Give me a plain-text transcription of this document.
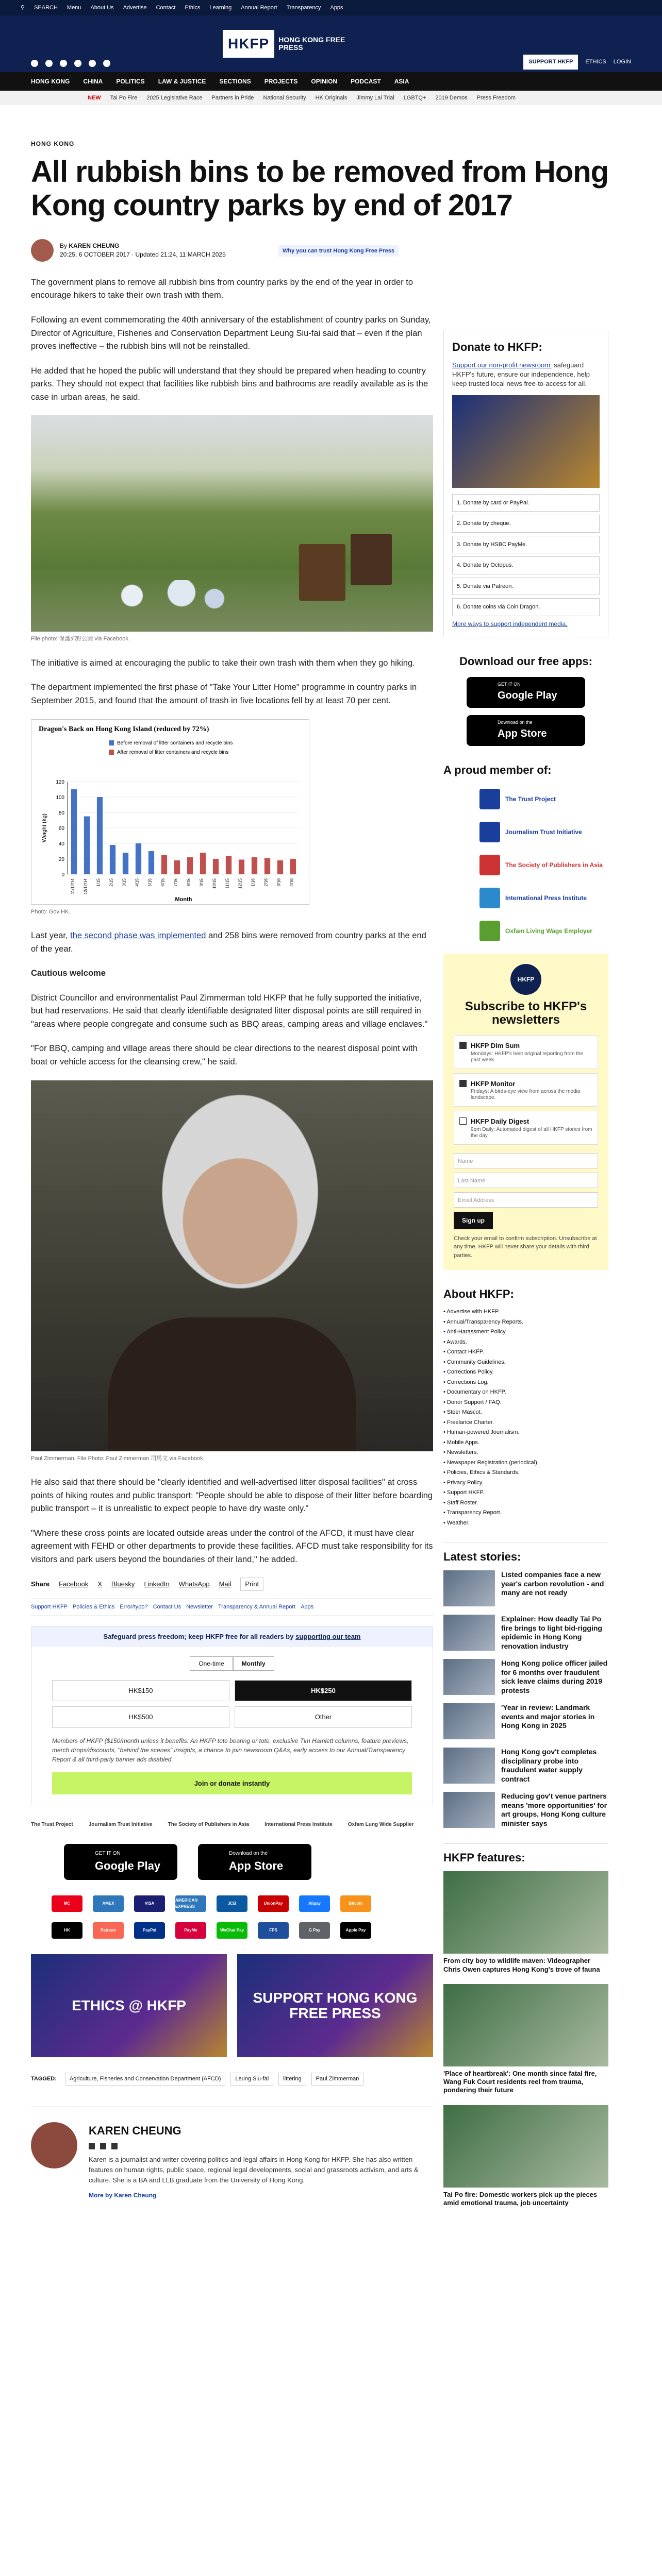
⚲ SEARCH Menu About Us Advertise Contact Ethics Learning Annual Report Transparency Apps
HKFP	HONG KONG FREE PRESS
SUPPORT HKFP	ETHICS LOGIN
HONG KONG CHINA POLITICS LAW & JUSTICE SECTIONS PROJECTS OPINION PODCAST ASIA
NEW Tai Po Fire 2025 Legislative Race Partners in Pride National Security HK Originals Jimmy Lai Trial LGBTQ+ 2019 Demos Press Freedom
HONG KONG
All rubbish bins to be removed from Hong Kong country parks by end of 2017
By KAREN CHEUNG
20:25, 6 OCTOBER 2017 · Updated 21:24, 11 MARCH 2025	Why you can trust Hong Kong Free Press

The government plans to remove all rubbish bins from country parks by the end of the year in order to encourage hikers to take their own trash with them.

Following an event commemorating the 40th anniversary of the establishment of country parks on Sunday, Director of Agriculture, Fisheries and Conservation Department Leung Siu-fai said that – even if the plan proves ineffective – the rubbish bins will not be reinstalled.

He added that he hoped the public will understand that they should be prepared when heading to country parks. They should not expect that facilities like rubbish bins and bathrooms are readily available as is the case in urban areas, he said.

File photo: 保護郊野公園 via Facebook.

The initiative is aimed at encouraging the public to take their own trash with them when they go hiking.

The department implemented the first phase of "Take Your Litter Home" programme in country parks in September 2015, and found that the amount of trash in five locations fell by at least 70 per cent.

Dragon's Back on Hong Kong Island (reduced by 72%)
0
20
40
60
80
100
120
Weight (kg)
Month
11/12/14 12/12/14 1/15 2/15 3/15 4/15 5/15 6/15 7/15 8/15 9/15 10/15 11/15 12/15 1/16 2/16 3/16 4/16
Before removal of litter containers and recycle bins
After removal of litter containers and recycle bins
Photo: Gov HK.

Last year, the second phase was implemented and 258 bins were removed from country parks at the end of the year.

Cautious welcome

District Councillor and environmentalist Paul Zimmerman told HKFP that he fully supported the initiative, but had reservations. He said that clearly identifiable designated litter disposal points are still required in "areas where people congregate and consume such as BBQ areas, camping areas and village enclaves."

"For BBQ, camping and village areas there should be clear directions to the nearest disposal point with boat or vehicle access for the cleansing crew," he said.

Paul Zimmerman. File Photo: Paul Zimmerman 司馬文 via Facebook.

He also said that there should be "clearly identified and well-advertised litter disposal facilities" at cross points of hiking routes and public transport: "People should be able to dispose of their litter before boarding public transport – it is unrealistic to expect people to have dry waste only."

"Where these cross points are located outside areas under the control of the AFCD, it must have clear agreement with FEHD or other departments to provide these facilities. AFCD must take responsibility for its visitors and park users beyond the boundaries of their land," he added.

Share Facebook X Bluesky LinkedIn WhatsApp Mail	Print
Support HKFP Policies & Ethics Error/typo? Contact Us Newsletter Transparency & Annual Report Apps
Safeguard press freedom; keep HKFP free for all readers by supporting our team
One-time	Monthly
HK$150	HK$250
HK$500	Other
Members of HKFP ($150/month unless it benefits: An HKFP tote bearing or tote, exclusive Tim Hamlett columns, feature previews, merch drops/discounts, "behind the scenes" insights, a chance to join newsroom Q&As, early access to our Annual/Transparency Report & all third-party banner ads disabled.
Join or donate instantly
The Trust Project	Journalism Trust Initiative	The Society of Publishers in Asia	International Press Institute	Oxfam Lung Wide Supplier
GET IT ON
Google Play
Download on the
App Store
MC	AMEX	VISA
AMERICAN EXPRESS
JCB	UnionPay	Alipay	Bitcoin
HK	Patreon	PayPal	PayMe	WeChat Pay	FPS	G Pay	Apple Pay
ETHICS @ HKFP	SUPPORT HONG KONG FREE PRESS
TAGGED:	Agriculture, Fisheries and Conservation Department (AFCD)	Leung Siu-fai	littering	Paul Zimmerman
KAREN CHEUNG

Karen is a journalist and writer covering politics and legal affairs in Hong Kong for HKFP. She has also written features on human rights, public space, regional legal developments, social and grassroots activism, and arts & culture. She is a BA and LLB graduate from the University of Hong Kong.

More by Karen Cheung
Donate to HKFP:
Support our non-profit newsroom: safeguard HKFP's future, ensure our independence, help keep trusted local news free-to-access for all.
1. Donate by card or PayPal.
2. Donate by cheque.
3. Donate by HSBC PayMe.
4. Donate by Octopus.
5. Donate via Patreon.
6. Donate coins via Coin Dragon.
More ways to support independent media.
Download our free apps:
GET IT ON
Google Play
Download on the
App Store
A proud member of:
The Trust Project
Journalism Trust Initiative
The Society of Publishers in Asia
International Press Institute
Oxfam Living Wage Employer
HKFP
Subscribe to HKFP's newsletters
HKFP Dim Sum
Mondays: HKFP's best original reporting from the past week.
HKFP Monitor
Fridays: A birds-eye view from across the media landscape.
HKFP Daily Digest
9pm Daily: Automated digest of all HKFP stories from the day.
Name
Last Name
Email Address
Sign up
Check your email to confirm subscription. Unsubscribe at any time. HKFP will never share your details with third parties.
About HKFP:
• Advertise with HKFP.
• Annual/Transparency Reports.
• Anti-Harassment Policy.
• Awards.
• Contact HKFP.
• Community Guidelines.
• Corrections Policy.
• Corrections Log.
• Documentary on HKFP.
• Donor Support / FAQ.
• Steer Mascot.
• Freelance Charter.
• Human-powered Journalism.
• Mobile Apps.
• Newsletters.
• Newspaper Registration (periodical).
• Policies, Ethics & Standards.
• Privacy Policy.
• Support HKFP.
• Staff Roster.
• Transparency Report.
• Weather.
Latest stories:
Listed companies face a new year's carbon revolution - and many are not ready
Explainer: How deadly Tai Po fire brings to light bid-rigging epidemic in Hong Kong renovation industry
Hong Kong police officer jailed for 6 months over fraudulent sick leave claims during 2019 protests
'Year in review: Landmark events and major stories in Hong Kong in 2025
Hong Kong gov't completes disciplinary probe into fraudulent water supply contract
Reducing gov't venue partners means 'more opportunities' for art groups, Hong Kong culture minister says
HKFP features:
From city boy to wildlife maven: Videographer Chris Owen captures Hong Kong's trove of fauna
'Place of heartbreak': One month since fatal fire, Wang Fuk Court residents reel from trauma, pondering their future
Tai Po fire: Domestic workers pick up the pieces amid emotional trauma, job uncertainty
